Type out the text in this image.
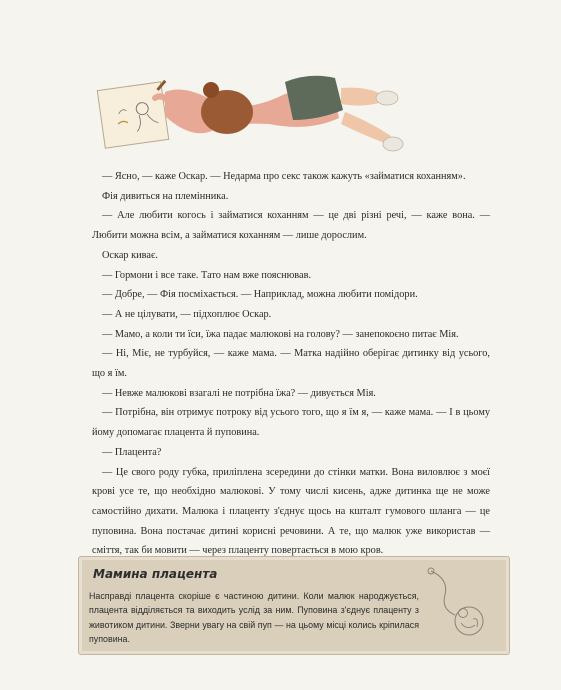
— Ясно, — каже Оскар. — Недарма про секс також кажуть «займатися коханням».

Фія дивиться на племінника.

— Але любити когось і займатися коханням — це дві різні речі, — каже вона. — Любити можна всім, а займатися коханням — лише дорослим.

Оскар киває.

— Гормони і все таке. Тато нам вже пояснював.

— Добре, — Фія посміхається. — Наприклад, можна любити помідори.

— А не цілувати, — підхоплює Оскар.

— Мамо, а коли ти їси, їжа падає малюкові на голову? — занепокоєно питає Мія.

— Ні, Міє, не турбуйся, — каже мама. — Матка надійно оберігає дитинку від усього, що я їм.

— Невже малюкові взагалі не потрібна їжа? — дивується Мія.

— Потрібна, він отримує потроку від усього того, що я їм я, — каже мама. — І в цьому йому допомагає плацента й пуповина.

— Плацента?

— Це свого роду губка, приліплена зсередини до стінки матки. Вона виловлює з моєї крові усе те, що необхідно малюкові. У тому числі кисень, адже дитинка ще не може самостійно дихати. Малюка і плаценту з'єднує щось на кшталт гумового шланга — це пуповина. Вона постачає дитині корисні речовини. А те, що малюк уже використав — сміття, так би мовити — через плаценту повертається в мою кров.

Мамина плацента
Насправді плацента скоріше є частиною дитини. Коли малюк народжується, плацента відділяється та виходить услід за ним. Пуповина з'єднує плаценту з животиком дитини. Зверни увагу на свій пуп — на цьому місці колись кріпилася пуповина.
